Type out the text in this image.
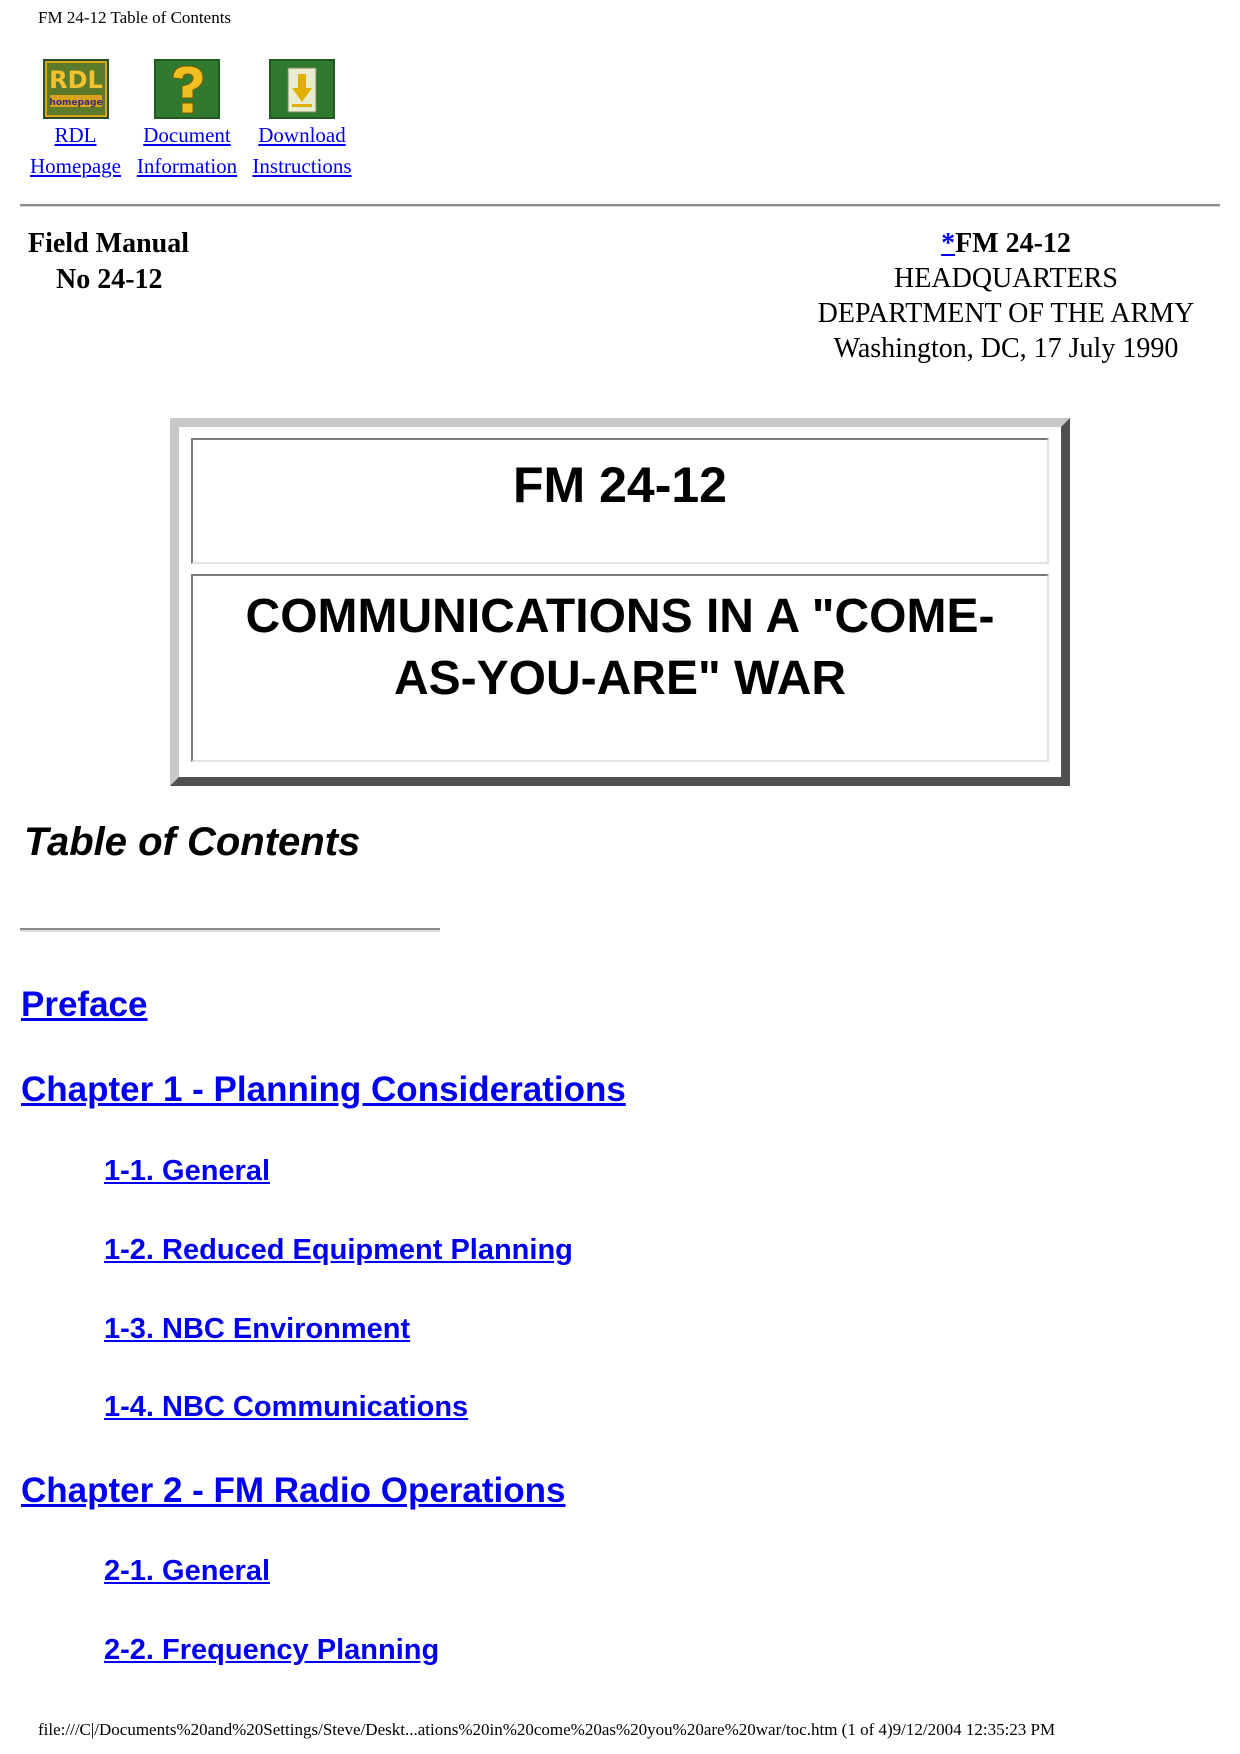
FM 24-12 Table of Contents
RDL
homepage
RDL
Homepage
Document
Information
Download
Instructions
Field Manual
No 24-12
*FM 24-12
HEADQUARTERS
DEPARTMENT OF THE ARMY
Washington, DC, 17 July 1990
FM 24-12
COMMUNICATIONS IN A "COME-AS-YOU-ARE" WAR
Table of Contents
Preface
Chapter 1 - Planning Considerations
1-1. General
1-2. Reduced Equipment Planning
1-3. NBC Environment
1-4. NBC Communications
Chapter 2 - FM Radio Operations
2-1. General
2-2. Frequency Planning
file:///C|/Documents%20and%20Settings/Steve/Deskt...ations%20in%20come%20as%20you%20are%20war/toc.htm (1 of 4)9/12/2004 12:35:23 PM
